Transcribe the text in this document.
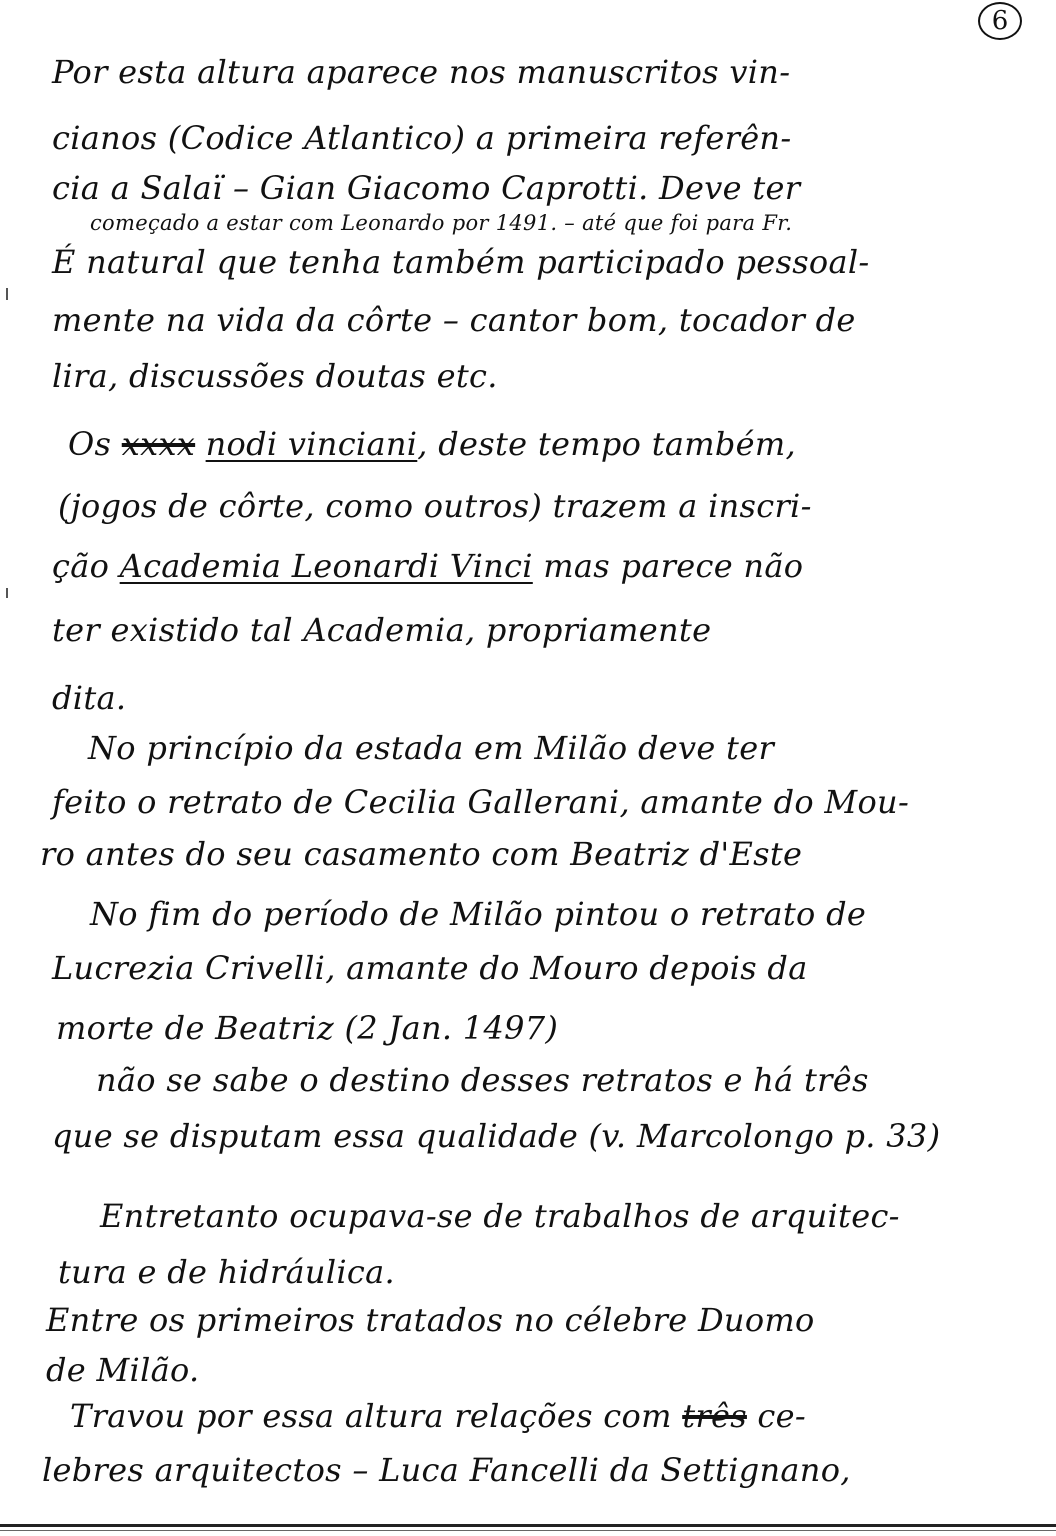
6
Por esta altura aparece nos manuscritos vin-
cianos (Codice Atlantico) a primeira referên-
cia a Salaï – Gian Giacomo Caprotti. Deve ter
começado a estar com Leonardo por 1491. – até que foi para Fr.
É natural que tenha também participado pessoal-
mente na vida da côrte – cantor bom, tocador de
lira, discussões doutas etc.
Os xxxx nodi vinciani, deste tempo também,
(jogos de côrte, como outros) trazem a inscri-
ção Academia Leonardi Vinci mas parece não
ter existido tal Academia, propriamente
dita.
No princípio da estada em Milão deve ter
feito o retrato de Cecilia Gallerani, amante do Mou-
ro antes do seu casamento com Beatriz d'Este
No fim do período de Milão pintou o retrato de
Lucrezia Crivelli, amante do Mouro depois da
morte de Beatriz (2 Jan. 1497)
não se sabe o destino desses retratos e há três
que se disputam essa qualidade (v. Marcolongo p. 33)
Entretanto ocupava-se de trabalhos de arquitec-
tura e de hidráulica.
Entre os primeiros tratados no célebre Duomo
de Milão.
Travou por essa altura relações com três ce-
lebres arquitectos – Luca Fancelli da Settignano,
